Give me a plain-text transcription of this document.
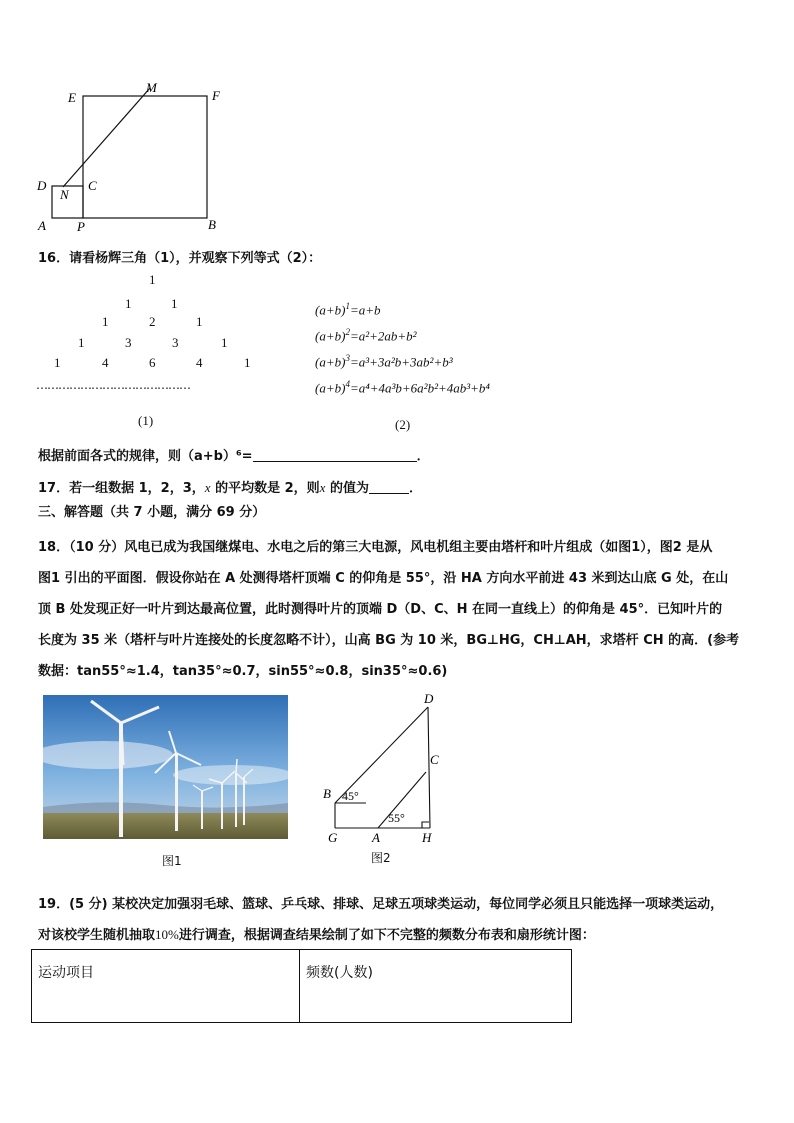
E
M
F
D
N
C
A P	B
16．请看杨辉三角（1），并观察下列等式（2）：
1
1	1
1	2	1
1	3	3	1
1	4	6	4	1
……………………………………
(1)
$(a+b)^1=a+b$
$(a+b)^2=a^2+2ab+b^2$
$(a+b)^3=a^3+3a^2b+3ab^2+b^3$
$(a+b)^4=a^4+4a^3b+6a^2b^2+4ab^3+b^4$
(2)
根据前面各式的规律，则（a+b）⁶=	．
17．若一组数据 1，2，3，x 的平均数是 2，则x 的值为	．
三、解答题（共 7 小题，满分 69 分）
18．（10 分）风电已成为我国继煤电、水电之后的第三大电源，风电机组主要由塔杆和叶片组成（如图1），图2 是从
图1 引出的平面图．假设你站在 A 处测得塔杆顶端 C 的仰角是 55°，沿 HA 方向水平前进 43 米到达山底 G 处，在山
顶 B 处发现正好一叶片到达最高位置，此时测得叶片的顶端 D（D、C、H 在同一直线上）的仰角是 45°．已知叶片的
长度为 35 米（塔杆与叶片连接处的长度忽略不计），山高 BG 为 10 米，BG⊥HG，CH⊥AH，求塔杆 CH 的高．(参考
数据：tan55°≈1.4，tan35°≈0.7，sin55°≈0.8，sin35°≈0.6)
图1
D
C
B 45°
55°
G	A	H
图2
19．(5 分) 某校决定加强羽毛球、篮球、乒乓球、排球、足球五项球类运动，每位同学必须且只能选择一项球类运动，
对该校学生随机抽取10%进行调查，根据调查结果绘制了如下不完整的频数分布表和扇形统计图：
运动项目	频数(人数)
